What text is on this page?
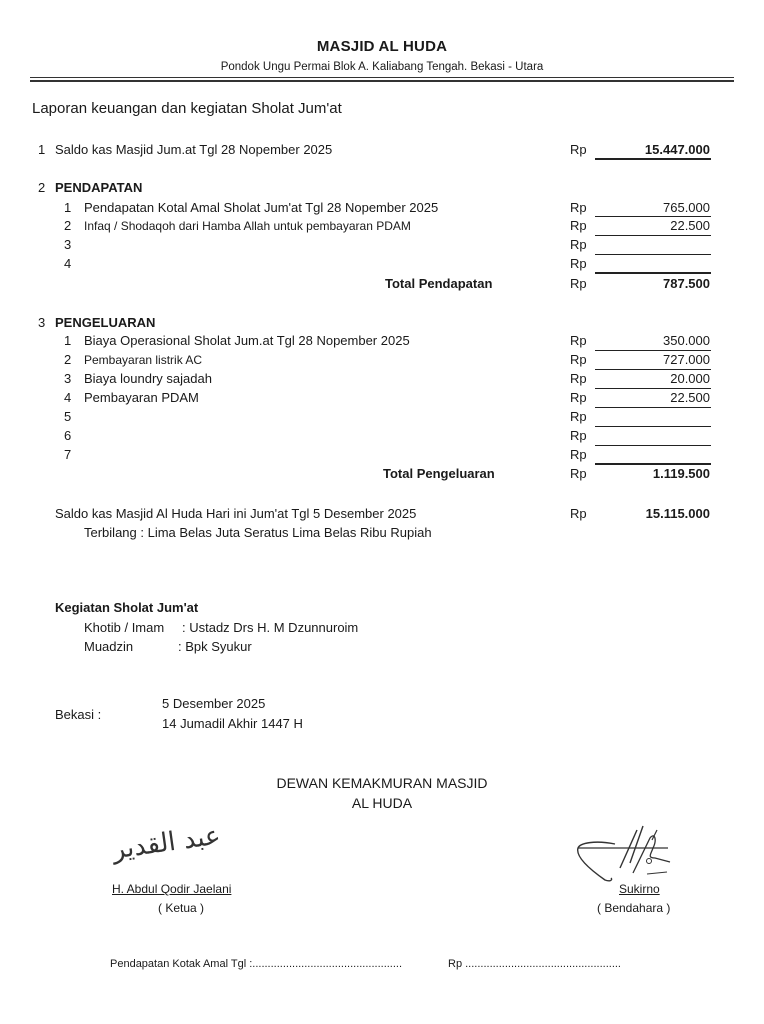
MASJID AL HUDA
Pondok Ungu Permai Blok A. Kaliabang Tengah. Bekasi - Utara
Laporan keuangan dan kegiatan Sholat Jum'at
1 Saldo kas Masjid Jum.at Tgl 28 Nopember 2025	Rp	15.447.000
2 PENDAPATAN
1 Pendapatan Kotal Amal Sholat Jum'at Tgl 28 Nopember 2025	Rp	765.000
2 Infaq / Shodaqoh dari Hamba Allah untuk pembayaran PDAM	Rp	22.500
3	Rp
4	Rp
Total Pendapatan	Rp	787.500
3 PENGELUARAN
1 Biaya Operasional Sholat Jum.at Tgl 28 Nopember 2025	Rp	350.000
2 Pembayaran listrik AC	Rp	727.000
3 Biaya loundry sajadah	Rp	20.000
4 Pembayaran PDAM	Rp	22.500
5	Rp
6	Rp
7	Rp
Total Pengeluaran	Rp	1.119.500
Saldo kas Masjid Al Huda Hari ini Jum'at Tgl 5 Desember 2025	Rp	15.115.000
Terbilang : Lima Belas Juta Seratus Lima Belas Ribu Rupiah
Kegiatan Sholat Jum'at
Khotib / Imam : Ustadz Drs H. M Dzunnuroim
Muadzin	: Bpk Syukur
Bekasi :
5 Desember 2025
14 Jumadil Akhir 1447 H
DEWAN KEMAKMURAN MASJID
AL HUDA
عبد القدير
H. Abdul Qodir Jaelani
( Ketua )
Sukirno
( Bendahara )
Pendapatan Kotak Amal Tgl :.................................................	Rp ...................................................
